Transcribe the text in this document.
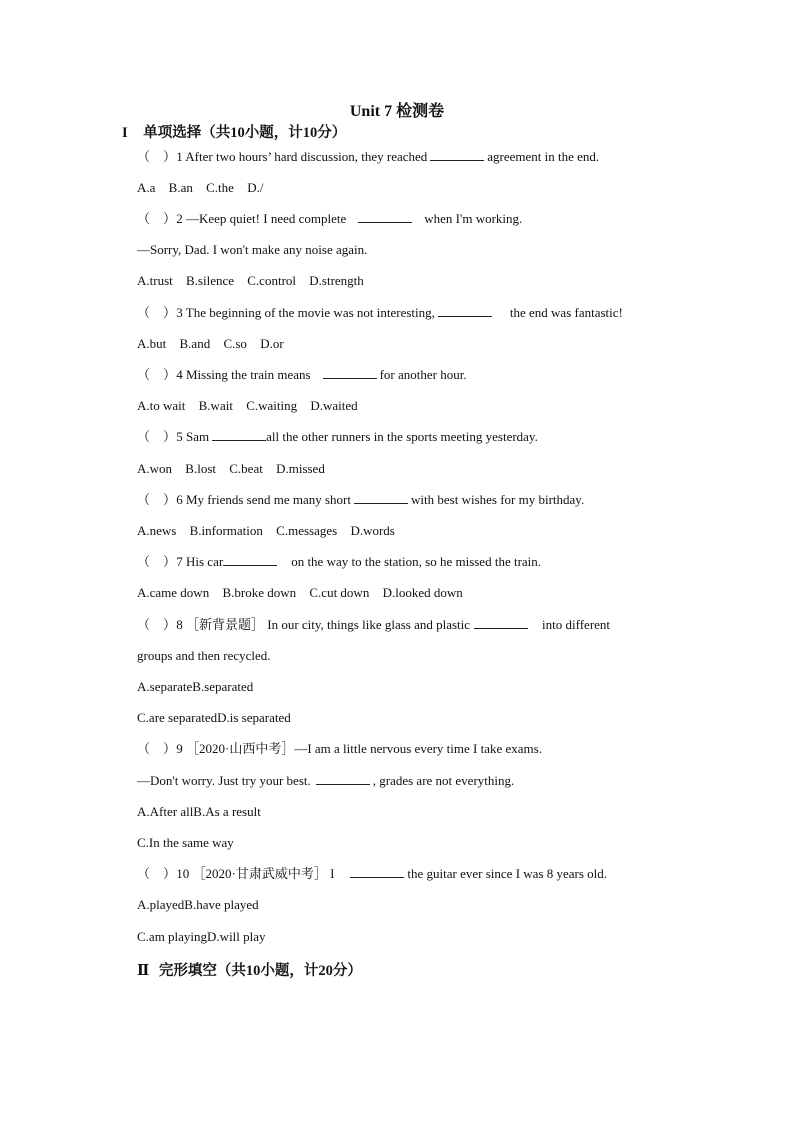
Unit 7 检测卷
I 单项选择（共10小题，计10分）
（　） 1 After two hours’ hard discussion, they reached	agreement in the end.
A.a B.an C.the D./
（　） 2 —Keep quiet! I need complete	when I'm working.
—Sorry, Dad. I won't make any noise again.
A.trust B.silence C.control D.strength
（　） 3 The beginning of the movie was not interesting,	the end was fantastic!
A.but B.and C.so D.or
（　） 4 Missing the train means	for another hour.
A.to wait B.wait C.waiting D.waited
（　） 5 Sam	all the other runners in the sports meeting yesterday.
A.won B.lost C.beat D.missed
（　） 6 My friends send me many short	with best wishes for my birthday.
A.news B.information C.messages D.words
（　） 7 His car	on the way to the station, so he missed the train.
A.came down B.broke down C.cut down D.looked down
（　） 8 ［新背景题］ In our city, things like glass and plastic	into different
groups and then recycled.
A.separateB.separated
C.are separatedD.is separated
（　） 9 ［2020·山西中考］—I am a little nervous every time I take exams.
—Don't worry. Just try your best.	, grades are not everything.
A.After allB.As a result
C.In the same way
（　） 10 ［2020·甘肃武威中考］ I	the guitar ever since I was 8 years old.
A.playedB.have played
C.am playingD.will play
Ⅱ 完形填空（共10小题，计20分）
